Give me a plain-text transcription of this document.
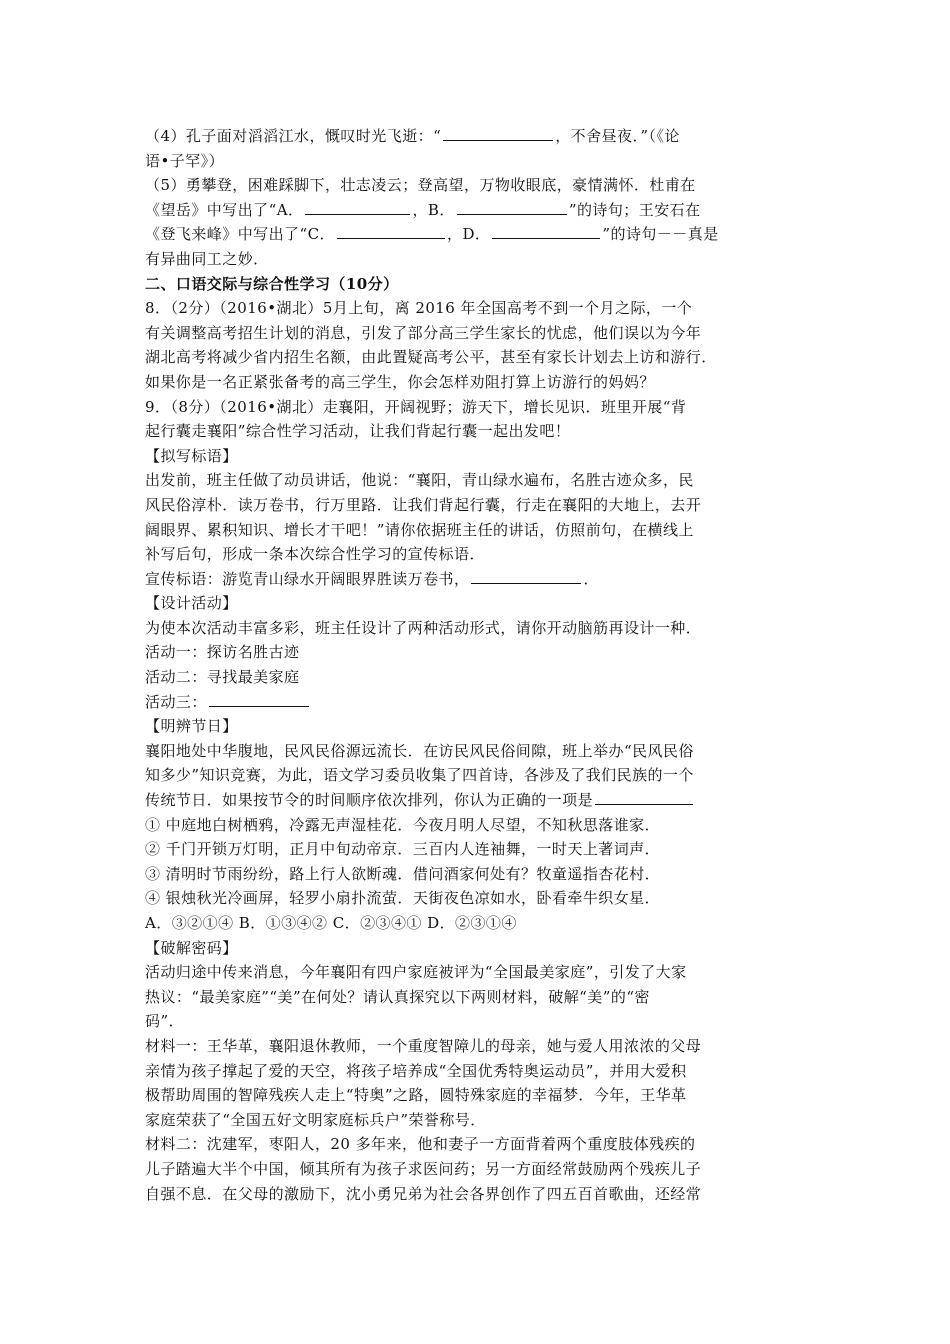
（4）孔子面对滔滔江水，慨叹时光飞逝：“	，不舍昼夜．”（《论
语•子罕》）
（5）勇攀登，困难踩脚下，壮志凌云；登高望，万物收眼底，豪情满怀．杜甫在
《望岳》中写出了“A．	，B．	”的诗句；王安石在
《登飞来峰》中写出了“C．	，D．	”的诗句－－真是
有异曲同工之妙．
二、口语交际与综合性学习（10分）
8．（2分）（2016•湖北）5月上旬，离 2016 年全国高考不到一个月之际，一个
有关调整高考招生计划的消息，引发了部分高三学生家长的忧虑，他们误以为今年
湖北高考将减少省内招生名额，由此置疑高考公平，甚至有家长计划去上访和游行．
如果你是一名正紧张备考的高三学生，你会怎样劝阻打算上访游行的妈妈？
9．（8分）（2016•湖北）走襄阳，开阔视野；游天下，增长见识．班里开展“背
起行囊走襄阳”综合性学习活动，让我们背起行囊一起出发吧！
【拟写标语】
出发前，班主任做了动员讲话，他说：“襄阳，青山绿水遍布，名胜古迹众多，民
风民俗淳朴．读万卷书，行万里路．让我们背起行囊，行走在襄阳的大地上，去开
阔眼界、累积知识、增长才干吧！”请你依据班主任的讲话，仿照前句，在横线上
补写后句，形成一条本次综合性学习的宣传标语．
宣传标语：游览青山绿水开阔眼界胜读万卷书，	．
【设计活动】
为使本次活动丰富多彩，班主任设计了两种活动形式，请你开动脑筋再设计一种．
活动一：探访名胜古迹
活动二：寻找最美家庭
活动三：
【明辨节日】
襄阳地处中华腹地，民风民俗源远流长．在访民风民俗间隙，班上举办“民风民俗
知多少”知识竞赛，为此，语文学习委员收集了四首诗，各涉及了我们民族的一个
传统节日．如果按节令的时间顺序依次排列，你认为正确的一项是
① 中庭地白树栖鸦，冷露无声湿桂花．今夜月明人尽望，不知秋思落谁家．
② 千门开锁万灯明，正月中旬动帝京．三百内人连袖舞，一时天上著词声．
③ 清明时节雨纷纷，路上行人欲断魂．借问酒家何处有？牧童遥指杏花村．
④ 银烛秋光冷画屏，轻罗小扇扑流萤．天街夜色凉如水，卧看牵牛织女星．
A．③②①④ B．①③④② C．②③④① D．②③①④
【破解密码】
活动归途中传来消息，今年襄阳有四户家庭被评为“全国最美家庭”，引发了大家
热议：“最美家庭”“美”在何处？请认真探究以下两则材料，破解“美”的“密
码”．
材料一：王华革，襄阳退休教师，一个重度智障儿的母亲，她与爱人用浓浓的父母
亲情为孩子撑起了爱的天空，将孩子培养成“全国优秀特奥运动员”，并用大爱积
极帮助周围的智障残疾人走上“特奥”之路，圆特殊家庭的幸福梦．今年，王华革
家庭荣获了“全国五好文明家庭标兵户”荣誉称号．
材料二：沈建军，枣阳人，20 多年来，他和妻子一方面背着两个重度肢体残疾的
儿子踏遍大半个中国，倾其所有为孩子求医问药；另一方面经常鼓励两个残疾儿子
自强不息．在父母的激励下，沈小勇兄弟为社会各界创作了四五百首歌曲，还经常
